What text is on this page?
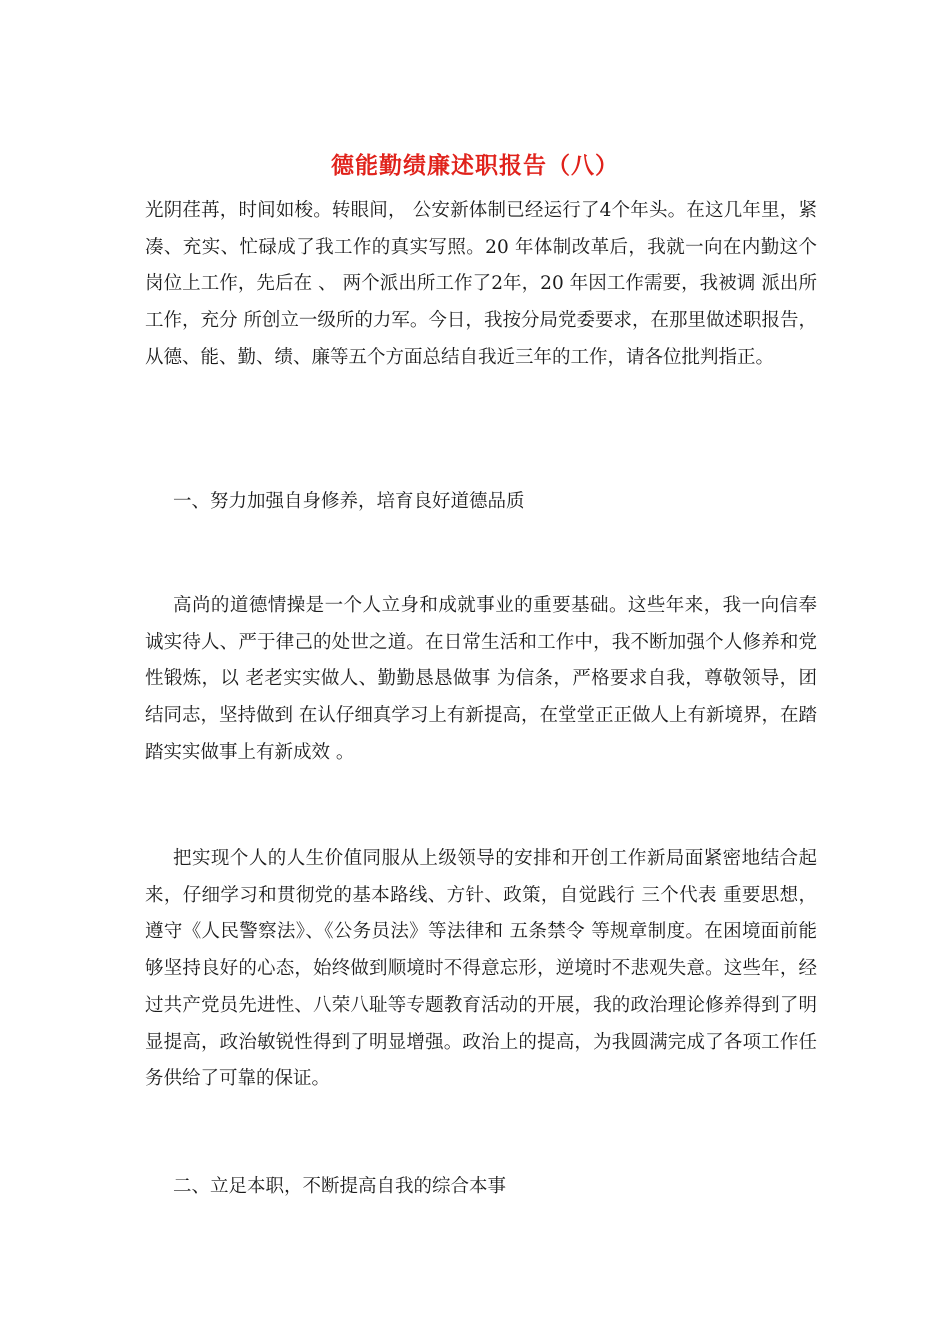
德能勤绩廉述职报告（八）

光阴荏苒，时间如梭。转眼间， 公安新体制已经运行了4个年头。在这几年里，紧凑、充实、忙碌成了我工作的真实写照。20 年体制改革后，我就一向在内勤这个岗位上工作，先后在 、 两个派出所工作了2年，20 年因工作需要，我被调 派出所工作，充分 所创立一级所的力军。今日，我按分局党委要求，在那里做述职报告，从德、能、勤、绩、廉等五个方面总结自我近三年的工作，请各位批判指正。

一、努力加强自身修养，培育良好道德品质

高尚的道德情操是一个人立身和成就事业的重要基础。这些年来，我一向信奉诚实待人、严于律己的处世之道。在日常生活和工作中，我不断加强个人修养和党性锻炼，以 老老实实做人、勤勤恳恳做事 为信条，严格要求自我，尊敬领导，团结同志，坚持做到 在认仔细真学习上有新提高，在堂堂正正做人上有新境界，在踏踏实实做事上有新成效 。

把实现个人的人生价值同服从上级领导的安排和开创工作新局面紧密地结合起来，仔细学习和贯彻党的基本路线、方针、政策，自觉践行 三个代表 重要思想，遵守《人民警察法》、《公务员法》等法律和 五条禁令 等规章制度。在困境面前能够坚持良好的心态，始终做到顺境时不得意忘形，逆境时不悲观失意。这些年，经过共产党员先进性、八荣八耻等专题教育活动的开展，我的政治理论修养得到了明显提高，政治敏锐性得到了明显增强。政治上的提高，为我圆满完成了各项工作任务供给了可靠的保证。

二、立足本职，不断提高自我的综合本事
